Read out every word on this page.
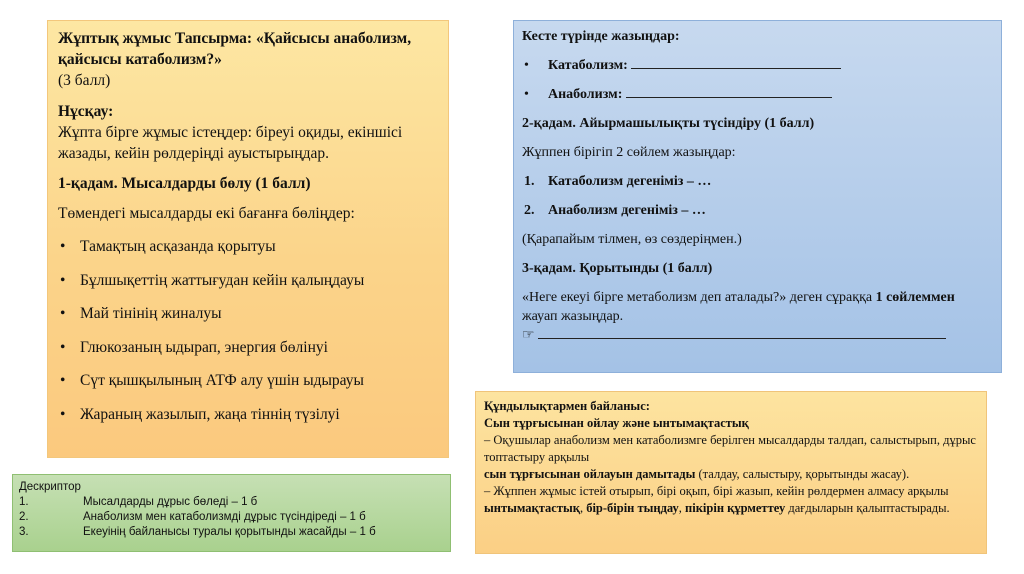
Жұптық жұмыс Тапсырма: «Қайсысы анаболизм, қайсысы катаболизм?»

(3 балл)

Нұсқау:

Жұпта бірге жұмыс істеңдер: біреуі оқиды, екіншісі жазады, кейін рөлдеріңді ауыстырыңдар.

1-қадам. Мысалдарды бөлу (1 балл)

Төмендегі мысалдарды екі бағанға бөліңдер:

• Тамақтың асқазанда қорытуы
• Бұлшықеттің жаттығудан кейін қалыңдауы
• Май тінінің жиналуы
• Глюкозаның ыдырап, энергия бөлінуі
• Сүт қышқылының АТФ алу үшін ыдырауы
• Жараның жазылып, жаңа тіннің түзілуі

Кесте түрінде жазыңдар:

• Катаболизм:

• Анаболизм:

2-қадам. Айырмашылықты түсіндіру (1 балл)

Жұппен бірігіп 2 сөйлем жазыңдар:

1. Катаболизм дегеніміз – …

2. Анаболизм дегеніміз – …

(Қарапайым тілмен, өз сөздеріңмен.)

3-қадам. Қорытынды (1 балл)

«Неге екеуі бірге метаболизм деп аталады?» деген сұраққа 1 сөйлеммен жауап жазыңдар.

☞

Құндылықтармен байланыс:

Сын тұрғысынан ойлау және ынтымақтастық

– Оқушылар анаболизм мен катаболизмге берілген мысалдарды талдап, салыстырып, дұрыс топтастыру арқылы

сын тұрғысынан ойлауын дамытады (талдау, салыстыру, қорытынды жасау).

– Жұппен жұмыс істей отырып, бірі оқып, бірі жазып, кейін рөлдермен алмасу арқылы

ынтымақтастық, бір-бірін тыңдау, пікірін құрметтеу дағдыларын қалыптастырады.

Дескриптор

1.	Мысалдарды дұрыс бөледі – 1 б

2.	Анаболизм мен катаболизмді дұрыс түсіндіреді – 1 б

3.	Екеуінің байланысы туралы қорытынды жасайды – 1 б
